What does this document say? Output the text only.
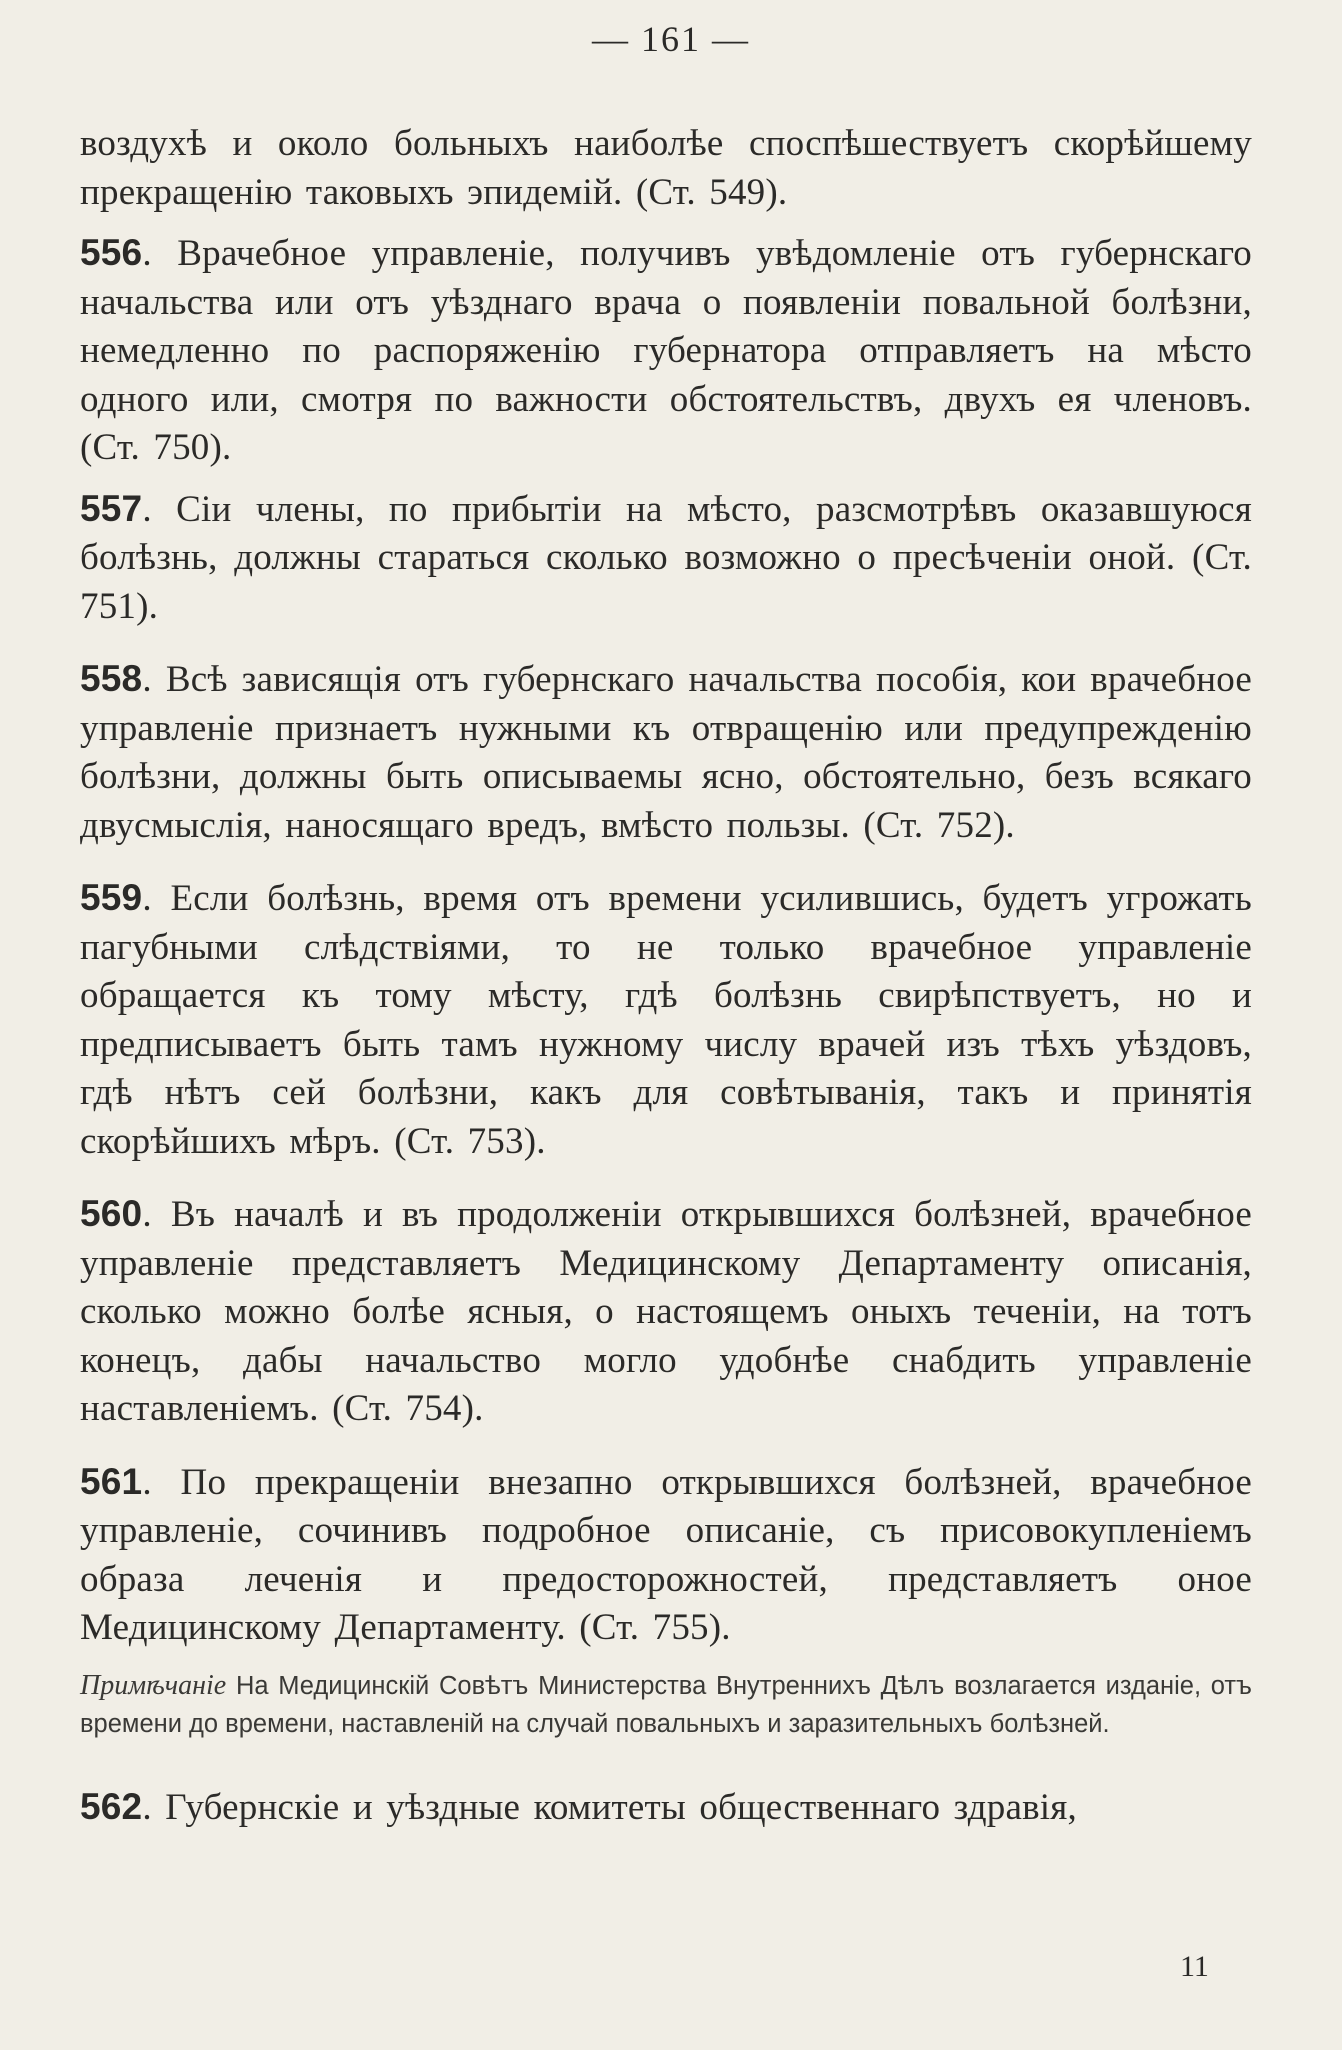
— 161 —
воздухѣ и около больныхъ наиболѣе споспѣшествуетъ скорѣйшему прекращенію таковыхъ эпидемій. (Ст. 549).
556. Врачебное управленіе, получивъ увѣдомленіе отъ губернскаго начальства или отъ уѣзднаго врача о появленіи повальной болѣзни, немедленно по распоряженію губернатора отправляетъ на мѣсто одного или, смотря по важности обстоятельствъ, двухъ ея членовъ. (Ст. 750).
557. Сіи члены, по прибытіи на мѣсто, разсмотрѣвъ оказавшуюся болѣзнь, должны стараться сколько возможно о пресѣченіи оной. (Ст. 751).
558. Всѣ зависящія отъ губернскаго начальства пособія, кои врачебное управленіе признаетъ нужными къ отвращенію или предупрежденію болѣзни, должны быть описываемы ясно, обстоятельно, безъ всякаго двусмыслія, наносящаго вредъ, вмѣсто пользы. (Ст. 752).
559. Если болѣзнь, время отъ времени усилившись, будетъ угрожать пагубными слѣдствіями, то не только врачебное управленіе обращается къ тому мѣсту, гдѣ болѣзнь свирѣпствуетъ, но и предписываетъ быть тамъ нужному числу врачей изъ тѣхъ уѣздовъ, гдѣ нѣтъ сей болѣзни, какъ для совѣтыванія, такъ и принятія скорѣйшихъ мѣръ. (Ст. 753).
560. Въ началѣ и въ продолженіи открывшихся болѣзней, врачебное управленіе представляетъ Медицинскому Департаменту описанія, сколько можно болѣе ясныя, о настоящемъ оныхъ теченіи, на тотъ конецъ, дабы начальство могло удобнѣе снабдить управленіе наставленіемъ. (Ст. 754).
561. По прекращеніи внезапно открывшихся болѣзней, врачебное управленіе, сочинивъ подробное описаніе, съ присовокупленіемъ образа леченія и предосторожностей, представляетъ оное Медицинскому Департаменту. (Ст. 755).
Примѣчаніе На Медицинскій Совѣтъ Министерства Внутреннихъ Дѣлъ возлагается изданіе, отъ времени до времени, наставленій на случай повальныхъ и заразительныхъ болѣзней.
562. Губернскіе и уѣздные комитеты общественнаго здравія,
11
